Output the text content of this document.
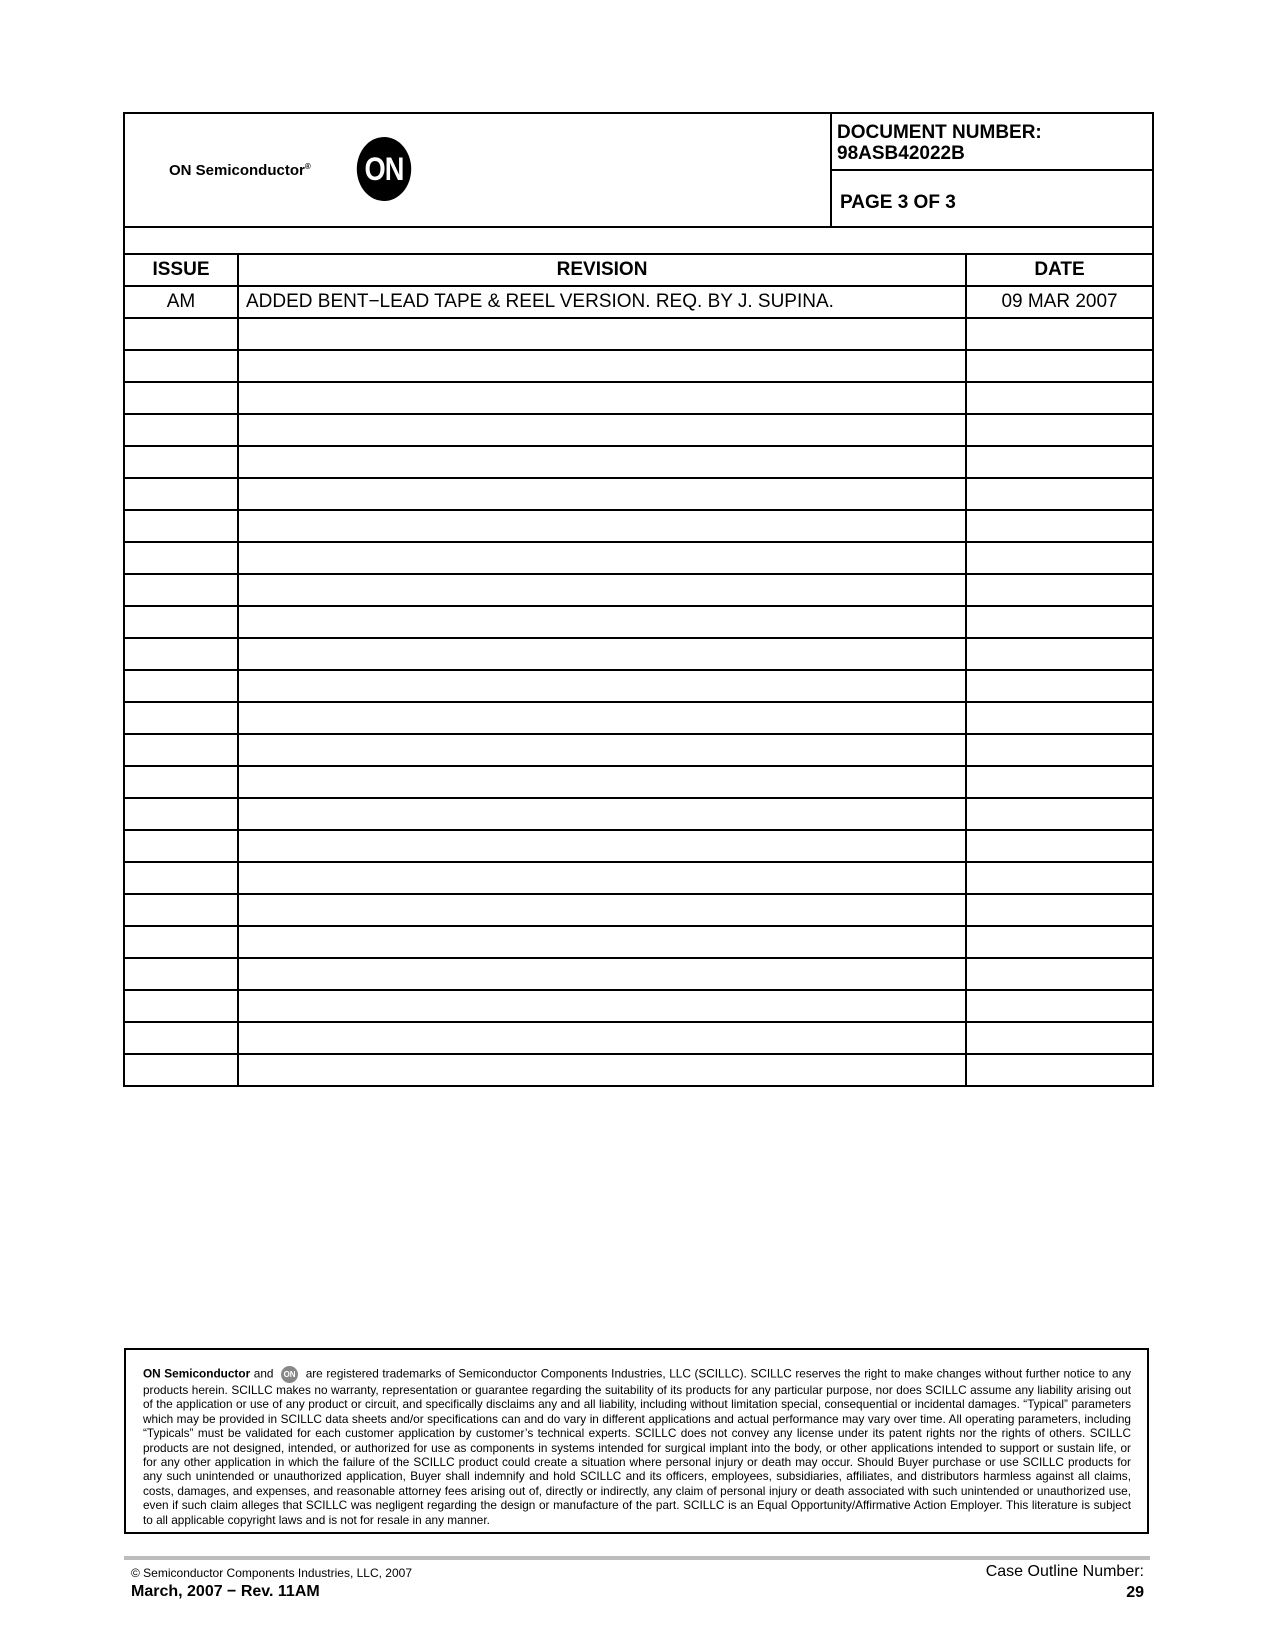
ON Semiconductor® ON
DOCUMENT NUMBER:
98ASB42022B
PAGE 3 OF 3
ISSUE	REVISION	DATE
AM	ADDED BENT−LEAD TAPE & REEL VERSION. REQ. BY J. SUPINA.	09 MAR 2007

ON Semiconductor and ON are registered trademarks of Semiconductor Components Industries, LLC (SCILLC). SCILLC reserves the right to make changes without further notice to any products herein. SCILLC makes no warranty, representation or guarantee regarding the suitability of its products for any particular purpose, nor does SCILLC assume any liability arising out of the application or use of any product or circuit, and specifically disclaims any and all liability, including without limitation special, consequential or incidental damages. “Typical” parameters which may be provided in SCILLC data sheets and/or specifications can and do vary in different applications and actual performance may vary over time. All operating parameters, including “Typicals” must be validated for each customer application by customer’s technical experts. SCILLC does not convey any license under its patent rights nor the rights of others. SCILLC products are not designed, intended, or authorized for use as components in systems intended for surgical implant into the body, or other applications intended to support or sustain life, or for any other application in which the failure of the SCILLC product could create a situation where personal injury or death may occur. Should Buyer purchase or use SCILLC products for any such unintended or unauthorized application, Buyer shall indemnify and hold SCILLC and its officers, employees, subsidiaries, affiliates, and distributors harmless against all claims, costs, damages, and expenses, and reasonable attorney fees arising out of, directly or indirectly, any claim of personal injury or death associated with such unintended or unauthorized use, even if such claim alleges that SCILLC was negligent regarding the design or manufacture of the part. SCILLC is an Equal Opportunity/Affirmative Action Employer. This literature is subject to all applicable copyright laws and is not for resale in any manner.
© Semiconductor Components Industries, LLC, 2007
March, 2007 − Rev. 11AM
Case Outline Number:
29
